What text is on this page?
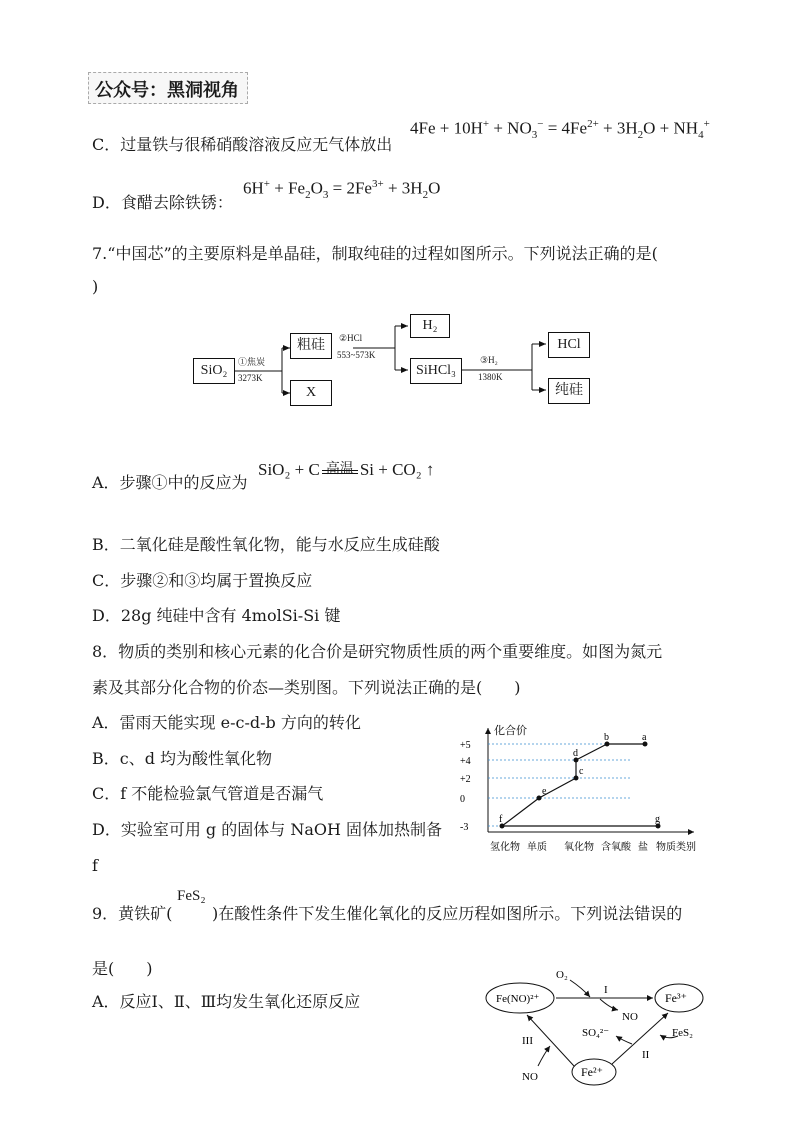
公众号：黑洞视角
C．过量铁与很稀硝酸溶液反应无气体放出
$4Fe + 10H^+ + NO_3^- = 4Fe^{2+} + 3H_2O + NH_4^+$
D．食醋去除铁锈：
$6H^+ + Fe_2O_3 = 2Fe^{3+} + 3H_2O$
7.“中国芯”的主要原料是单晶硅，制取纯硅的过程如图所示。下列说法正确的是(
)
SiO₂
①焦炭
3273K
粗硅
X
②HCl
553~573K
H₂
SiHCl₃
③H₂
1380K
HCl
纯硅
A．步骤①中的反应为
SiO₂ + C 高温 Si + CO₂ ↑
B．二氧化硅是酸性氧化物，能与水反应生成硅酸
C．步骤②和③均属于置换反应
D．28g 纯硅中含有 4molSi-Si 键
8．物质的类别和核心元素的化合价是研究物质性质的两个重要维度。如图为氮元
素及其部分化合物的价态—类别图。下列说法正确的是(　　)
A．雷雨天能实现 e-c-d-b 方向的转化
B．c、d 均为酸性氧化物
C．f 不能检验氯气管道是否漏气
D．实验室可用 g 的固体与 NaOH 固体加热制备
f
化合价
物质类别
+5
+4
+2
0
-3
氢化物 单质 氧化物 含氧酸 盐
f
e
c
d
b	a
g
9．黄铁矿(
FeS₂
)在酸性条件下发生催化氧化的反应历程如图所示。下列说法错误的
是(　　)
A．反应Ⅰ、Ⅱ、Ⅲ均发生氧化还原反应	Fe(NO)²⁺	Fe³⁺
Fe²⁺
O₂
NO
I
FeS₂
SO₄²⁻
II
NO
III
